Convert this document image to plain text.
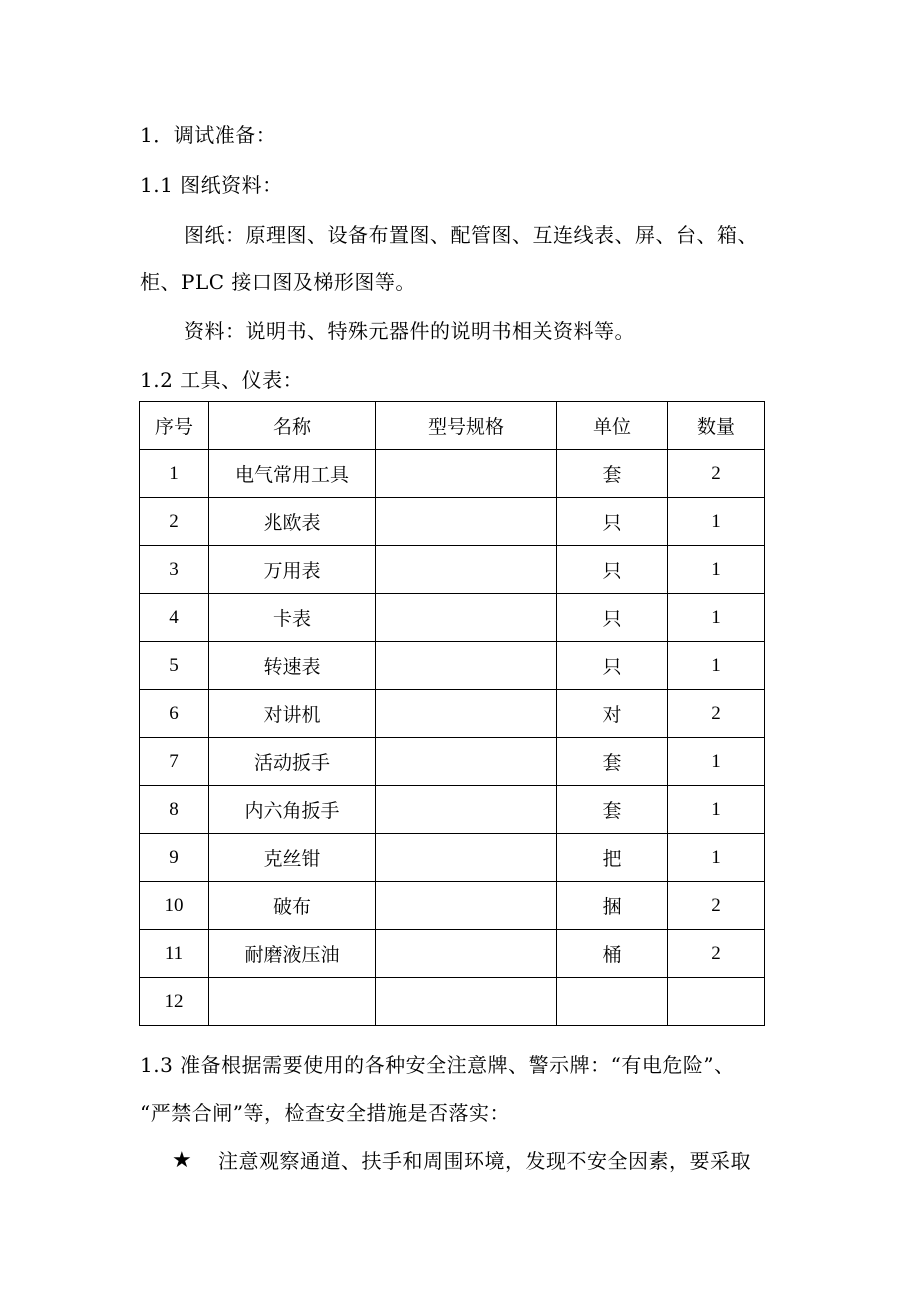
1．调试准备：
1.1 图纸资料：
图纸：原理图、设备布置图、配管图、互连线表、屏、台、箱、
柜、PLC 接口图及梯形图等。
资料：说明书、特殊元器件的说明书相关资料等。
1.2 工具、仪表：
序号	名称	型号规格	单位	数量
1	电气常用工具		套	2
2	兆欧表		只	1
3	万用表		只	1
4	卡表		只	1
5	转速表		只	1
6	对讲机		对	2
7	活动扳手		套	1
8	内六角扳手		套	1
9	克丝钳		把	1
10	破布		捆	2
11	耐磨液压油		桶	2
12				
1.3 准备根据需要使用的各种安全注意牌、警示牌：“有电危险”、
“严禁合闸”等，检查安全措施是否落实：
★ 注意观察通道、扶手和周围环境，发现不安全因素，要采取
